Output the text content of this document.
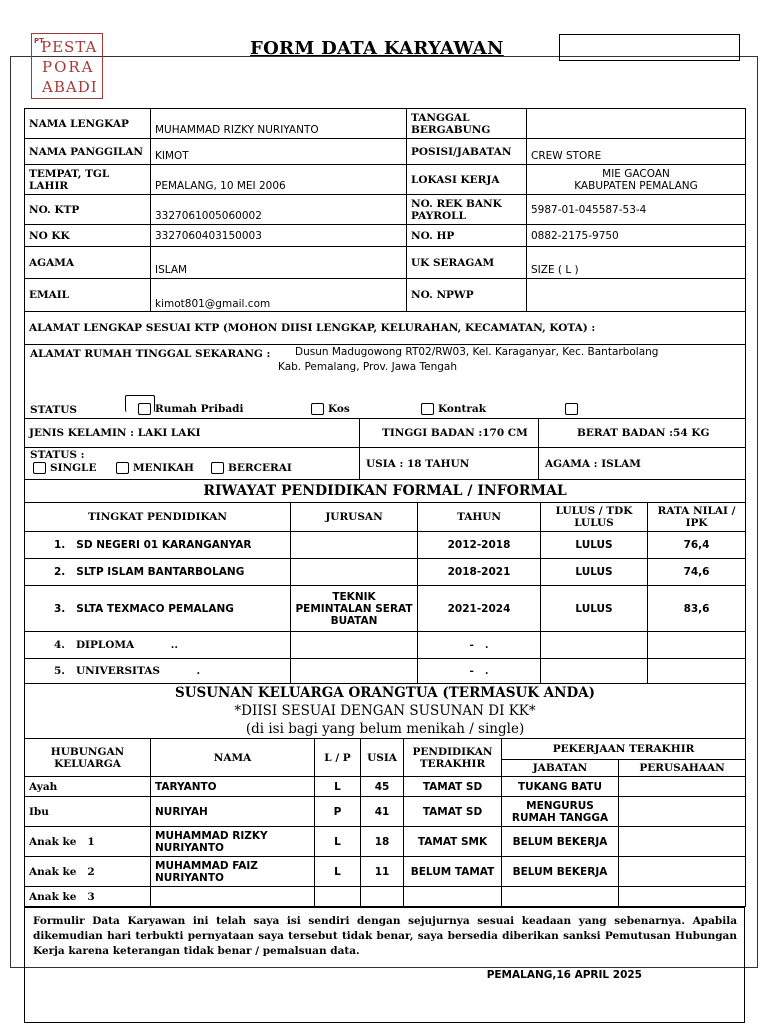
PT
PESTA
PORA
ABADI
FORM DATA KARYAWAN
NAMA LENGKAP	MUHAMMAD RIZKY NURIYANTO	TANGGAL BERGABUNG	
NAMA PANGGILAN	KIMOT	POSISI/JABATAN	CREW STORE
TEMPAT, TGL LAHIR	PEMALANG, 10 MEI 2006	LOKASI KERJA	MIE GACOAN
KABUPATEN PEMALANG

NO. KTP	3327061005060002	NO. REK BANK PAYROLL	5987-01-045587-53-4
NO KK	3327060403150003	NO. HP	0882-2175-9750
AGAMA	ISLAM	UK SERAGAM	SIZE ( L )
EMAIL	kimot801@gmail.com	NO. NPWP	
ALAMAT LENGKAP SESUAI KTP (MOHON DIISI LENGKAP, KELURAHAN, KECAMATAN, KOTA) :

ALAMAT RUMAH TINGGAL SEKARANG : Dusun Madugowong RT02/RW03, Kel. Karaganyar, Kec. Bantarbolang
Kab. Pemalang, Prov. Jawa Tengah
STATUS	Rumah Pribadi	Kos	Kontrak
JENIS KELAMIN : LAKI LAKI	TINGGI BADAN :170 CM	BERAT BADAN :54 KG

STATUS :
SINGLE MENIKAH BERCERAI	USIA : 18 TAHUN	AGAMA : ISLAM
RIWAYAT PENDIDIKAN FORMAL / INFORMAL				
TINGKAT PENDIDIKAN	JURUSAN	TAHUN	LULUS / TDK LULUS	RATA NILAI / IPK
1. SD NEGERI 01 KARANGANYAR		2012-2018	LULUS	76,4
2. SLTP ISLAM BANTARBOLANG		2018-2021	LULUS	74,6
3. SLTA TEXMACO PEMALANG	TEKNIK PEMINTALAN SERAT BUATAN	2021-2024	LULUS	83,6
4. DIPLOMA          ..		-   .		
5. UNIVERSITAS          .		-   .		
SUSUNAN KELUARGA ORANGTUA (TERMASUK ANDA)
*DIISI SESUAI DENGAN SUSUNAN DI KK*
(di isi bagi yang belum menikah / single)						

HUBUNGAN KELUARGA	NAMA	L / P	USIA	PENDIDIKAN TERAKHIR	PEKERJAAN TERAKHIR	
					JABATAN	PERUSAHAAN
Ayah	TARYANTO	L	45	TAMAT SD	TUKANG BATU	
Ibu	NURIYAH	P	41	TAMAT SD	MENGURUS RUMAH TANGGA	
Anak ke   1	MUHAMMAD RIZKY NURIYANTO	L	18	TAMAT SMK	BELUM BEKERJA	
Anak ke   2	MUHAMMAD FAIZ NURIYANTO	L	11	BELUM TAMAT	BELUM BEKERJA	
Anak ke   3						
Formulir Data Karyawan ini telah saya isi sendiri dengan sejujurnya sesuai keadaan yang sebenarnya. Apabila dikemudian hari terbukti pernyataan saya tersebut tidak benar, saya bersedia diberikan sanksi Pemutusan Hubungan Kerja karena keterangan tidak benar / pemalsuan data.
PEMALANG,16 APRIL 2025
